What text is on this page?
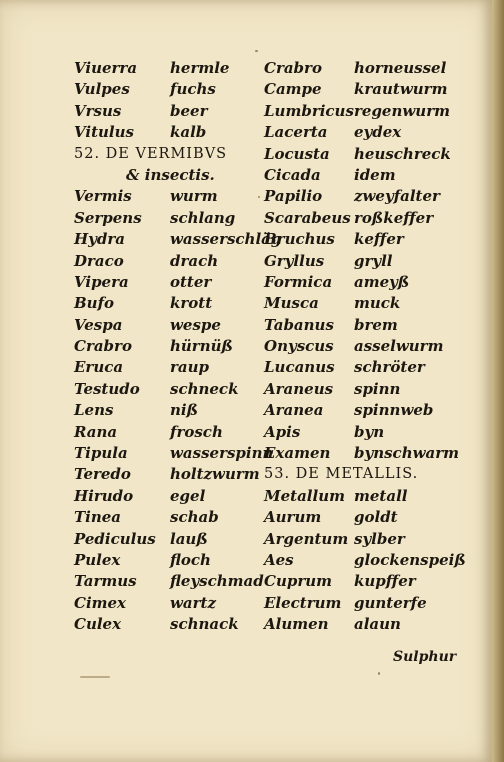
Viuerra hermle
Vulpes	fuchs
Vrsus	beer
Vitulus kalb
52. DE VERMIBVS
& insectis.
Vermis	wurm
Serpens schlang
Hydra	wasserschläg
Draco	drach
Vipera	otter
Bufo	krott
Vespa	wespe
Crabro	hürnüß
Eruca	raup
Testudo schneck
Lens	niß
Rana	frosch
Tipula	wasserspinn
Teredo	holtzwurm
Hirudo egel
Tinea	schab
Pediculus lauß
Pulex	floch
Tarmus fleyschmad
Cimex	wartz
Culex	schnack
Crabro horneussel
Campe krautwurm
Lumbricus regenwurm
Lacerta eydex
Locusta heuschreck
Cicada idem
Papilio zweyfalter
Scarabeus roßkeffer
Bruchus keffer
Gryllus gryll
Formica ameyß
Musca muck
Tabanus brem
Onyscus asselwurm
Lucanus schröter
Araneus spinn
Aranea spinnweb
Apis	byn
Examen bynschwarm
53. DE METALLIS.
Metallum metall
Aurum goldt
Argentum sylber
Aes	glockenspeiß
Cuprum kupffer
Electrum gunterfe
Alumen alaun
Sulphur
